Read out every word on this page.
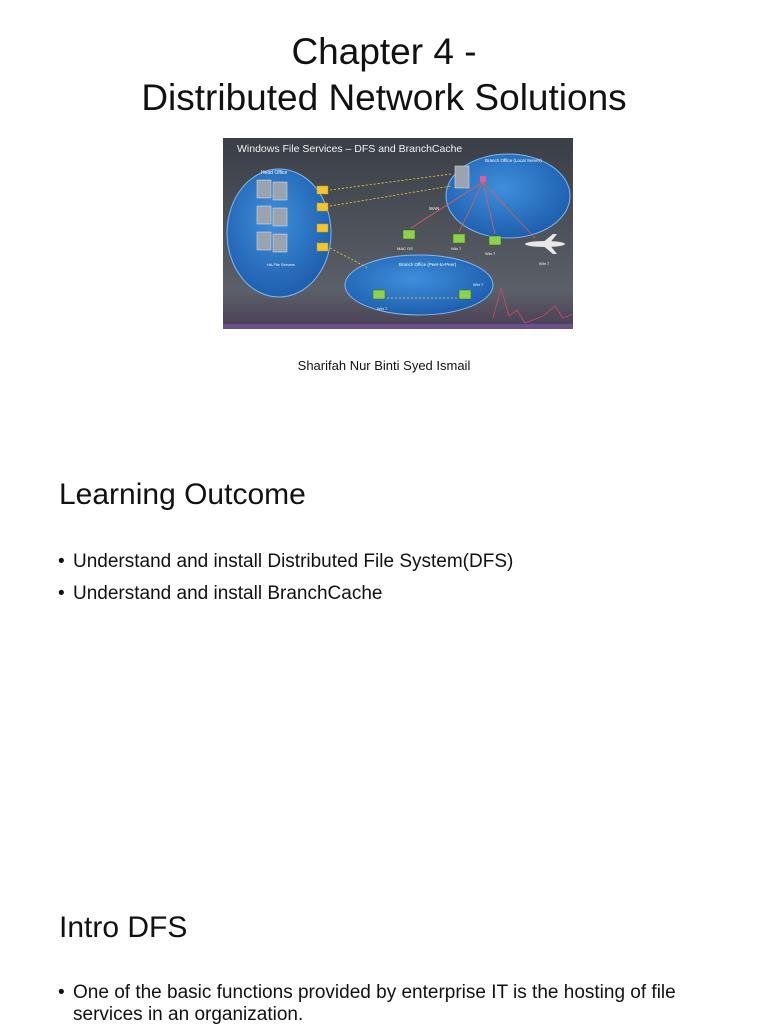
Chapter 4 -
Distributed Network Solutions
Windows File Services – DFS and BranchCache
Head Office
Branch Office (Local Server)
Branch Office (Peer-to-Peer)
HA File Servers
WAN
MAC OS	Win 7
Win 7
Win 7
Win 7
Win 7
Sharifah Nur Binti Syed Ismail
Learning Outcome
• Understand and install Distributed File System(DFS)
• Understand and install BranchCache
Intro DFS
• One of the basic functions provided by enterprise IT is the hosting of file services in an organization.
